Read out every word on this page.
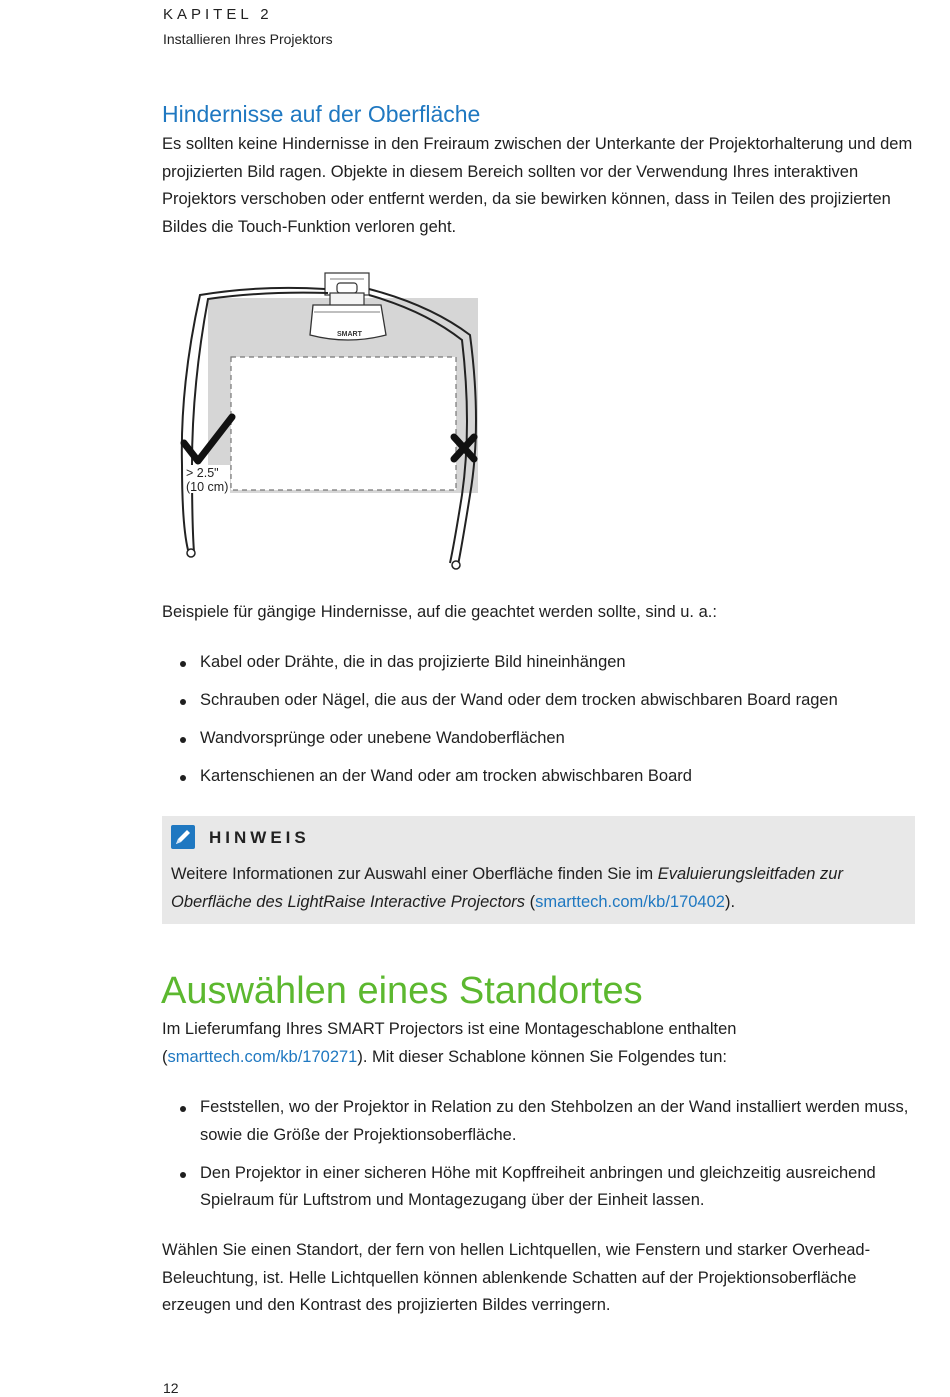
KAPITEL 2
Installieren Ihres Projektors
Hindernisse auf der Oberfläche
Es sollten keine Hindernisse in den Freiraum zwischen der Unterkante der Projektorhalterung und dem projizierten Bild ragen. Objekte in diesem Bereich sollten vor der Verwendung Ihres interaktiven Projektors verschoben oder entfernt werden, da sie bewirken können, dass in Teilen des projizierten Bildes die Touch-Funktion verloren geht.
SMART
> 2.5"
(10 cm)
Beispiele für gängige Hindernisse, auf die geachtet werden sollte, sind u. a.:
Kabel oder Drähte, die in das projizierte Bild hineinhängen
Schrauben oder Nägel, die aus der Wand oder dem trocken abwischbaren Board ragen
Wandvorsprünge oder unebene Wandoberflächen
Kartenschienen an der Wand oder am trocken abwischbaren Board
HINWEIS
Weitere Informationen zur Auswahl einer Oberfläche finden Sie im Evaluierungsleitfaden zur Oberfläche des LightRaise Interactive Projectors (smarttech.com/kb/170402).
Auswählen eines Standortes
Im Lieferumfang Ihres SMART Projectors ist eine Montageschablone enthalten (smarttech.com/kb/170271). Mit dieser Schablone können Sie Folgendes tun:
Feststellen, wo der Projektor in Relation zu den Stehbolzen an der Wand installiert werden muss, sowie die Größe der Projektionsoberfläche.
Den Projektor in einer sicheren Höhe mit Kopffreiheit anbringen und gleichzeitig ausreichend Spielraum für Luftstrom und Montagezugang über der Einheit lassen.
Wählen Sie einen Standort, der fern von hellen Lichtquellen, wie Fenstern und starker Overhead-Beleuchtung, ist. Helle Lichtquellen können ablenkende Schatten auf der Projektionsoberfläche erzeugen und den Kontrast des projizierten Bildes verringern.
12
